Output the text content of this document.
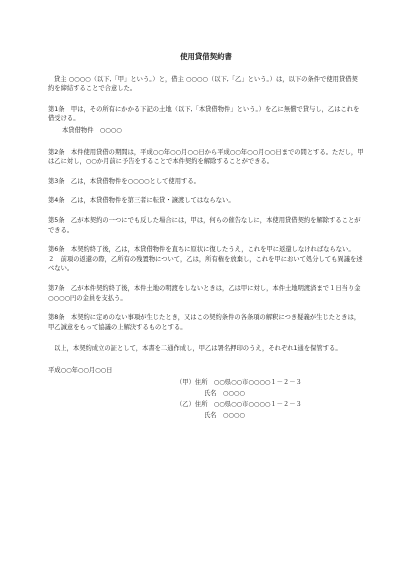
使用貸借契約書

貸主 ○○○○（以下,「甲」という。）と，借主 ○○○○（以下,「乙」という。）は，以下の条件で使用貸借契約を締結することで合意した。

第1条　甲は，その所有にかかる下記の土地（以下,「本貸借物件」という。）を乙に無償で貸与し，乙はこれを借受ける。

本貸借物件　○○○○

第2条　本件使用貸借の期間は，平成○○年○○月○○日から平成○○年○○月○○日までの間とする。ただし，甲は乙に対し，○○か月前に予告をすることで本件契約を解除することができる。

第3条　乙は，本貸借物件を○○○○として使用する。

第4条　乙は，本貸借物件を第三者に転貸・譲渡してはならない。

第5条　乙が本契約の一つにでも反した場合には，甲は，何らの催告なしに，本使用貸借契約を解除することができる。

第6条　本契約終了後，乙は，本貸借物件を直ちに原状に復したうえ，これを甲に返還しなければならない。
２　前項の返還の際，乙所有の残置物について，乙は，所有権を放棄し，これを甲において処分しても異議を述べない。

第7条　乙が本件契約終了後，本件土地の明渡をしないときは，乙は甲に対し，本件土地明渡済まで１日当り金○○○○円の金員を支払う。

第8条　本契約に定めのない事項が生じたとき，又はこの契約条件の各条項の解釈につき疑義が生じたときは，甲乙誠意をもって協議の上解決するものとする。

以上，本契約成立の証として，本書を二通作成し，甲乙は署名押印のうえ，それぞれ1通を保管する。

平成○○年○○月○○日

（甲）住所　○○県○○市○○○○１－２－３
氏名　○○○○
（乙）住所　○○県○○市○○○○１－２－３
氏名　○○○○
